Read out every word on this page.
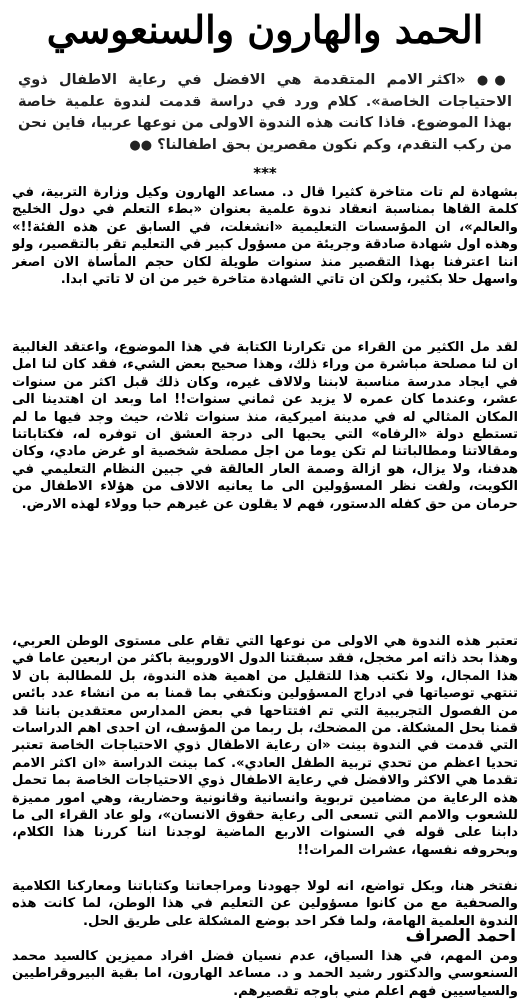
الحمد والهارون والسنعوسي

●● «اكثر الامم المتقدمة هي الافضل في رعاية الاطفال ذوي الاحتياجات الخاصة». كلام ورد في دراسة قدمت لندوة علمية خاصة بهذا الموضوع. فاذا كانت هذه الندوة الاولى من نوعها عربيا، فاين نحن من ركب التقدم، وكم نكون مقصرين بحق اطفالنا؟ ●●

***

بشهادة لم تات متاخرة كثيرا قال د. مساعد الهارون وكيل وزارة التربية، في كلمة القاها بمناسبة انعقاد ندوة علمية بعنوان «بطء التعلم في دول الخليج والعالم»، ان المؤسسات التعليمية «انشغلت، في السابق عن هذه الفئة!!» وهذه اول شهادة صادقة وجريئة من مسؤول كبير في التعليم تقر بالتقصير، ولو اننا اعترفنا بهذا التقصير منذ سنوات طويلة لكان حجم المأساة الان اصغر واسهل حلا بكثير، ولكن ان تاتي الشهادة متاخرة خير من ان لا تاتي ابدا.

لقد مل الكثير من القراء من تكرارنا الكتابة في هذا الموضوع، واعتقد الغالبية ان لنا مصلحة مباشرة من وراء ذلك، وهذا صحيح بعض الشيء، فقد كان لنا امل في ايجاد مدرسة مناسبة لابننا ولالاف غيره، وكان ذلك قبل اكثر من سنوات عشر، وعندما كان عمره لا يزيد عن ثماني سنوات!! اما وبعد ان اهتدينا الى المكان المثالي له في مدينة اميركية، منذ سنوات ثلاث، حيث وجد فيها ما لم تستطع دولة «الرفاه» التي يحبها الى درجة العشق ان توفره له، فكتاباتنا ومقالاتنا ومطالباتنا لم تكن يوما من اجل مصلحة شخصية او غرض مادي، وكان هدفنا، ولا يزال، هو ازالة وصمة العار العالقة في جبين النظام التعليمي في الكويت، ولفت نظر المسؤولين الى ما يعانيه الالاف من هؤلاء الاطفال من حرمان من حق كفله الدستور، فهم لا يقلون عن غيرهم حبا وولاء لهذه الارض.

تعتبر هذه الندوة هي الاولى من نوعها التي تقام على مستوى الوطن العربي، وهذا بحد ذاته امر مخجل، فقد سبقتنا الدول الاوروبية باكثر من اربعين عاما في هذا المجال، ولا نكتب هذا للتقليل من اهمية هذه الندوة، بل للمطالبة بان لا تنتهي توصياتها في ادراج المسؤولين ونكتفي بما قمنا به من انشاء عدد بائس من الفصول التجريبية التي تم افتتاحها في بعض المدارس معتقدين باننا قد قمنا بحل المشكلة. من المضحك، بل ربما من المؤسف، ان احدى اهم الدراسات التي قدمت في الندوة بينت «ان رعاية الاطفال ذوي الاحتياجات الخاصة تعتبر تحديا اعظم من تحدي تربية الطفل العادي». كما بينت الدراسة «ان اكثر الامم تقدما هي الاكثر والافضل في رعاية الاطفال ذوي الاحتياجات الخاصة بما تحمل هذه الرعاية من مضامين تربوية وانسانية وقانونية وحضارية، وهي امور مميزة للشعوب والامم التي تسعى الى رعاية حقوق الانسان»، ولو عاد القراء الى ما دابنا على قوله في السنوات الاربع الماضية لوجدنا اننا كررنا هذا الكلام، وبحروفه نفسها، عشرات المرات!!

نفتخر هنا، وبكل تواضع، انه لولا جهودنا ومراجعاتنا وكتاباتنا ومعاركنا الكلامية والصحفية مع من كانوا مسؤولين عن التعليم في هذا الوطن، لما كانت هذه الندوة العلمية الهامة، ولما فكر احد بوضع المشكلة على طريق الحل.

ومن المهم، في هذا السياق، عدم نسيان فضل افراد مميزين كالسيد محمد السنعوسي والدكتور رشيد الحمد و د. مساعد الهارون، اما بقية البيروقراطيين والسياسيين فهم اعلم مني باوجه تقصيرهم.

احمد الصراف
